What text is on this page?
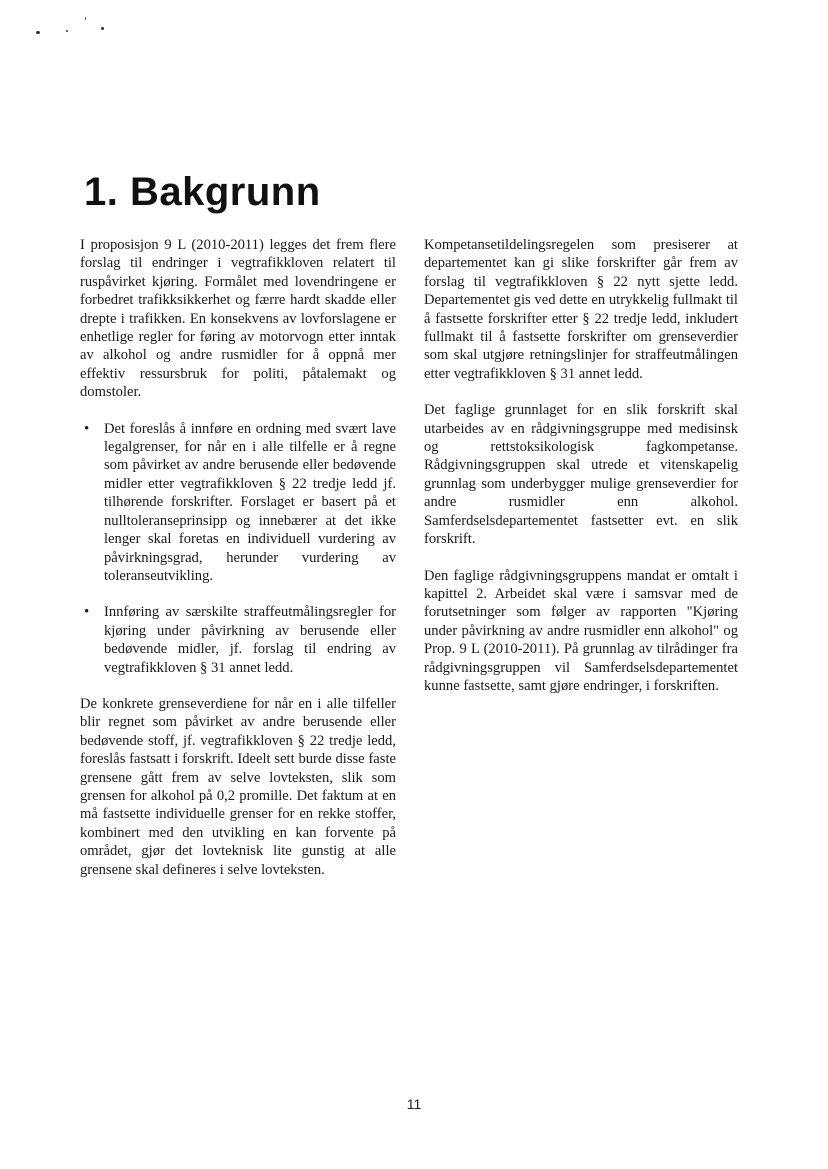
1. Bakgrunn

I proposisjon 9 L (2010-2011) legges det frem flere forslag til endringer i vegtrafikkloven relatert til ruspåvirket kjøring. Formålet med lovendringene er forbedret trafikksikkerhet og færre hardt skadde eller drepte i trafikken. En konsekvens av lovforslagene er enhetlige regler for føring av motorvogn etter inntak av alkohol og andre rusmidler for å oppnå mer effektiv ressursbruk for politi, påtalemakt og domstoler.

• Det foreslås å innføre en ordning med svært lave legalgrenser, for når en i alle tilfelle er å regne som påvirket av andre berusende eller bedøvende midler etter vegtrafikkloven § 22 tredje ledd jf. tilhørende forskrifter. Forslaget er basert på et nulltoleranseprinsipp og innebærer at det ikke lenger skal foretas en individuell vurdering av påvirkningsgrad, herunder vurdering av toleranseutvikling.
• Innføring av særskilte straffeutmålingsregler for kjøring under påvirkning av berusende eller bedøvende midler, jf. forslag til endring av vegtrafikkloven § 31 annet ledd.

De konkrete grenseverdiene for når en i alle tilfeller blir regnet som påvirket av andre berusende eller bedøvende stoff, jf. vegtrafikkloven § 22 tredje ledd, foreslås fastsatt i forskrift. Ideelt sett burde disse faste grensene gått frem av selve lovteksten, slik som grensen for alkohol på 0,2 promille. Det faktum at en må fastsette individuelle grenser for en rekke stoffer, kombinert med den utvikling en kan forvente på området, gjør det lovteknisk lite gunstig at alle grensene skal defineres i selve lovteksten.

Kompetansetildelingsregelen som presiserer at departementet kan gi slike forskrifter går frem av forslag til vegtrafikkloven § 22 nytt sjette ledd. Departementet gis ved dette en utrykkelig fullmakt til å fastsette forskrifter etter § 22 tredje ledd, inkludert fullmakt til å fastsette forskrifter om grenseverdier som skal utgjøre retningslinjer for straffeutmålingen etter vegtrafikkloven § 31 annet ledd.

Det faglige grunnlaget for en slik forskrift skal utarbeides av en rådgivningsgruppe med medisinsk og rettstoksikologisk fagkompetanse. Rådgivningsgruppen skal utrede et vitenskapelig grunnlag som underbygger mulige grenseverdier for andre rusmidler enn alkohol. Samferdselsdepartementet fastsetter evt. en slik forskrift.

Den faglige rådgivningsgruppens mandat er omtalt i kapittel 2. Arbeidet skal være i samsvar med de forutsetninger som følger av rapporten "Kjøring under påvirkning av andre rusmidler enn alkohol" og Prop. 9 L (2010-2011). På grunnlag av tilrådinger fra rådgivningsgruppen vil Samferdselsdepartementet kunne fastsette, samt gjøre endringer, i forskriften.

11
